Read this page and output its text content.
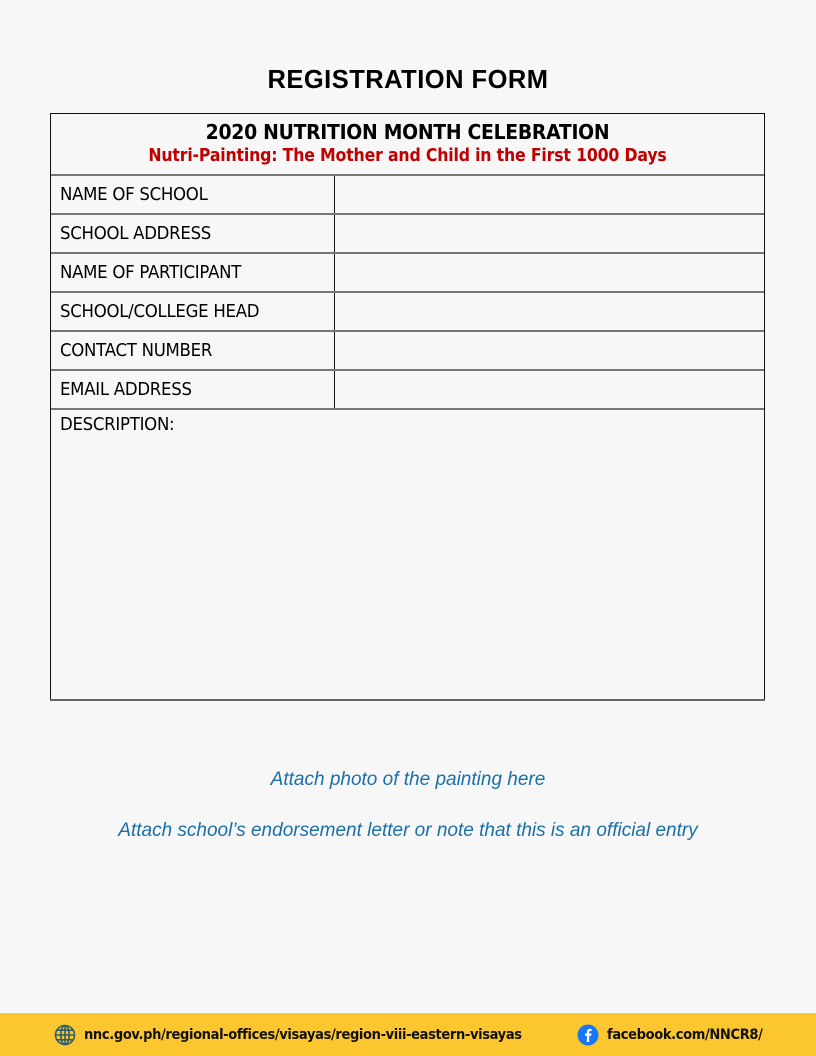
REGISTRATION FORM
2020 NUTRITION MONTH CELEBRATION
Nutri-Painting: The Mother and Child in the First 1000 Days
NAME OF SCHOOL
SCHOOL ADDRESS
NAME OF PARTICIPANT
SCHOOL/COLLEGE HEAD
CONTACT NUMBER
EMAIL ADDRESS
DESCRIPTION:
Attach photo of the painting here
Attach school’s endorsement letter or note that this is an official entry
nnc.gov.ph/regional-offices/visayas/region-viii-eastern-visayas	facebook.com/NNCR8/
